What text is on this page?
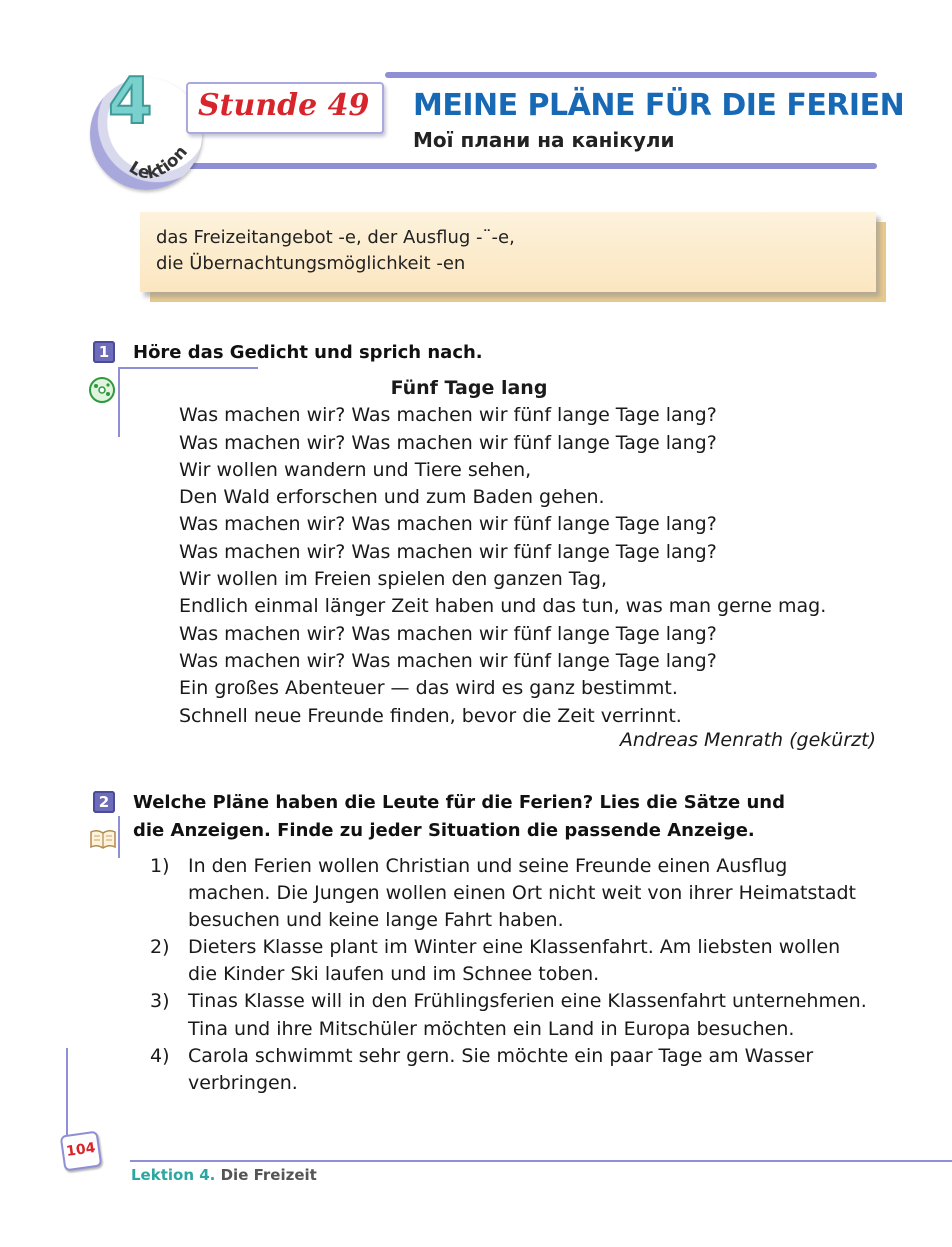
4
Lektion
Stunde 49 MEINE PLÄNE FÜR DIE FERIEN
Мої плани на канікули

das Freizeitangebot -e, der Ausflug -¨-e,

die Übernachtungsmöglichkeit -en

1	Höre das Gedicht und sprich nach.
Fünf Tage lang
Was machen wir? Was machen wir fünf lange Tage lang?
Was machen wir? Was machen wir fünf lange Tage lang?
Wir wollen wandern und Tiere sehen,
Den Wald erforschen und zum Baden gehen.
Was machen wir? Was machen wir fünf lange Tage lang?
Was machen wir? Was machen wir fünf lange Tage lang?
Wir wollen im Freien spielen den ganzen Tag,
Endlich einmal länger Zeit haben und das tun, was man gerne mag.
Was machen wir? Was machen wir fünf lange Tage lang?
Was machen wir? Was machen wir fünf lange Tage lang?
Ein großes Abenteuer — das wird es ganz bestimmt.
Schnell neue Freunde finden, bevor die Zeit verrinnt.
Andreas Menrath (gekürzt)
2	Welche Pläne haben die Leute für die Ferien? Lies die Sätze und
die Anzeigen. Finde zu jeder Situation die passende Anzeige.
1) In den Ferien wollen Christian und seine Freunde einen Ausflug machen. Die Jungen wollen einen Ort nicht weit von ihrer Heimatstadt besuchen und keine lange Fahrt haben.
2) Dieters Klasse plant im Winter eine Klassenfahrt. Am liebsten wollen die Kinder Ski laufen und im Schnee toben.
3) Tinas Klasse will in den Frühlingsferien eine Klassenfahrt unternehmen. Tina und ihre Mitschüler möchten ein Land in Europa besuchen.
4) Carola schwimmt sehr gern. Sie möchte ein paar Tage am Wasser verbringen.
104
Lektion 4. Die Freizeit
